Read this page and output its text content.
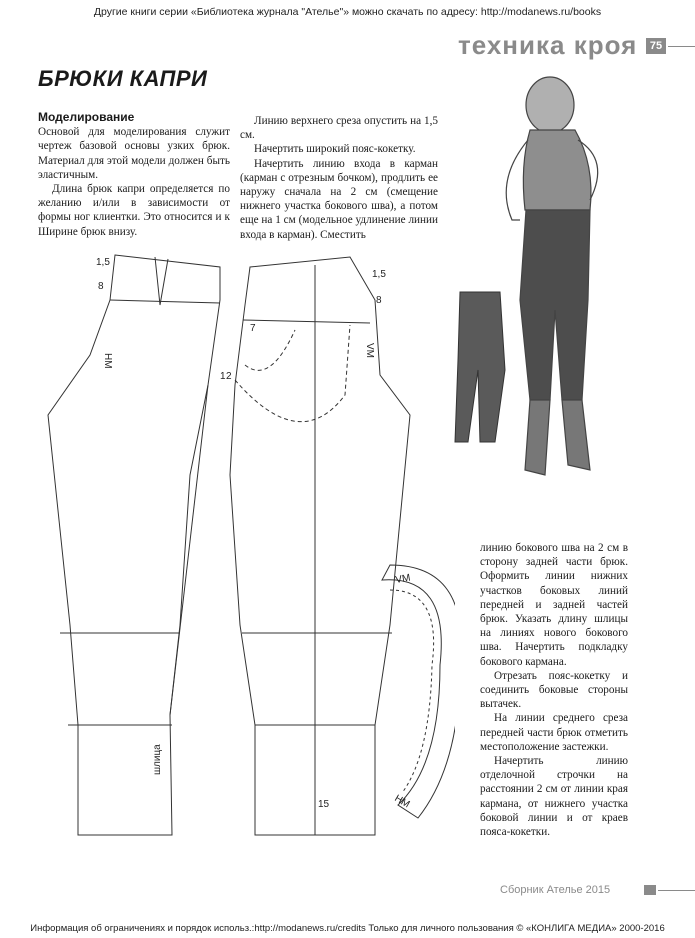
Другие книги серии «Библиотека журнала "Ателье"» можно скачать по адресу: http://modanews.ru/books
техника кроя	75
БРЮКИ КАПРИ
Моделирование

Основой для моделирования служит чертеж базовой основы узких брюк. Материал для этой модели должен быть эластичным.

Длина брюк капри определяется по желанию и/или в зависимости от формы ног клиентки. Это относится и к Ширине брюк внизу.

Линию верхнего среза опустить на 1,5 см.

Начертить широкий пояс-кокетку.

Начертить линию входа в карман (карман с отрезным бочком), продлить ее наружу сначала на 2 см (смещение нижнего участка бокового шва), а потом еще на 1 см (модельное удлинение линии входа в карман). Сместить

линию бокового шва на 2 см в сторону задней части брюк. Оформить линии нижних участков боковых линий передней и задней частей брюк. Указать длину шлицы на линиях нового бокового шва. Начертить подкладку бокового кармана.

Отрезать пояс-кокетку и соединить боковые стороны вытачек.

На линии среднего среза передней части брюк отметить местоположение застежки.

Начертить линию отделочной строчки на расстоянии 2 см от линии края кармана, от нижнего участка боковой линии и от краев пояса-кокетки.

1,5
8
НМ
1 2
1,5
8
7
VM
шлица
15
VM
НМ
Сборник Ателье 2015
Информация об ограничениях и порядок использ.:http://modanews.ru/credits Только для личного пользования © «КОНЛИГА МЕДИА» 2000-2016
